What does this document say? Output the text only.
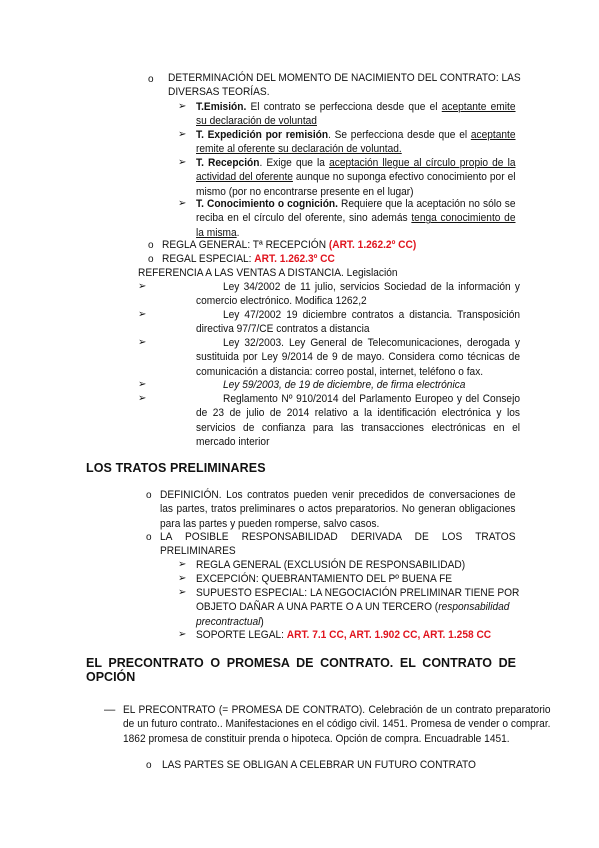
o DETERMINACIÓN DEL MOMENTO DE NACIMIENTO DEL CONTRATO: LAS DIVERSAS TEORÍAS.
➢ T.Emisión. El contrato se perfecciona desde que el aceptante emite su declaración de voluntad
➢ T. Expedición por remisión. Se perfecciona desde que el aceptante remite al oferente su declaración de voluntad.
➢ T. Recepción. Exige que la aceptación llegue al círculo propio de la actividad del oferente aunque no suponga efectivo conocimiento por el mismo (por no encontrarse presente en el lugar)
➢ T. Conocimiento o cognición. Requiere que la aceptación no sólo se reciba en el círculo del oferente, sino además tenga conocimiento de la misma.
o REGLA GENERAL: Tª RECEPCIÓN (ART. 1.262.2º CC)
o REGAL ESPECIAL: ART. 1.262.3º CC
REFERENCIA A LAS VENTAS A DISTANCIA. Legislación
➢	Ley 34/2002 de 11 julio, servicios Sociedad de la información y comercio electrónico. Modifica 1262,2
➢	Ley 47/2002 19 diciembre contratos a distancia. Transposición directiva 97/7/CE contratos a distancia
➢	Ley 32/2003. Ley General de Telecomunicaciones, derogada y sustituida por Ley 9/2014 de 9 de mayo. Considera como técnicas de comunicación a distancia: correo postal, internet, teléfono o fax.
➢	Ley 59/2003, de 19 de diciembre, de firma electrónica
➢	Reglamento Nº 910/2014 del Parlamento Europeo y del Consejo de 23 de julio de 2014 relativo a la identificación electrónica y los servicios de confianza para las transacciones electrónicas en el mercado interior
LOS TRATOS PRELIMINARES
o DEFINICIÓN. Los contratos pueden venir precedidos de conversaciones de las partes, tratos preliminares o actos preparatorios. No generan obligaciones para las partes y pueden romperse, salvo casos.
o LA POSIBLE RESPONSABILIDAD DERIVADA DE LOS TRATOS PRELIMINARES
➢ REGLA GENERAL (EXCLUSIÓN DE RESPONSABILIDAD)
➢ EXCEPCIÓN: QUEBRANTAMIENTO DEL Pº BUENA FE
➢ SUPUESTO ESPECIAL: LA NEGOCIACIÓN PRELIMINAR TIENE POR OBJETO DAÑAR A UNA PARTE O A UN TERCERO (responsabilidad precontractual)
➢ SOPORTE LEGAL: ART. 7.1 CC, ART. 1.902 CC, ART. 1.258 CC
EL PRECONTRATO O PROMESA DE CONTRATO. EL CONTRATO DE OPCIÓN
— EL PRECONTRATO (= PROMESA DE CONTRATO). Celebración de un contrato preparatorio de un futuro contrato.. Manifestaciones en el código civil. 1451. Promesa de vender o comprar. 1862 promesa de constituir prenda o hipoteca. Opción de compra. Encuadrable 1451.
o LAS PARTES SE OBLIGAN A CELEBRAR UN FUTURO CONTRATO
